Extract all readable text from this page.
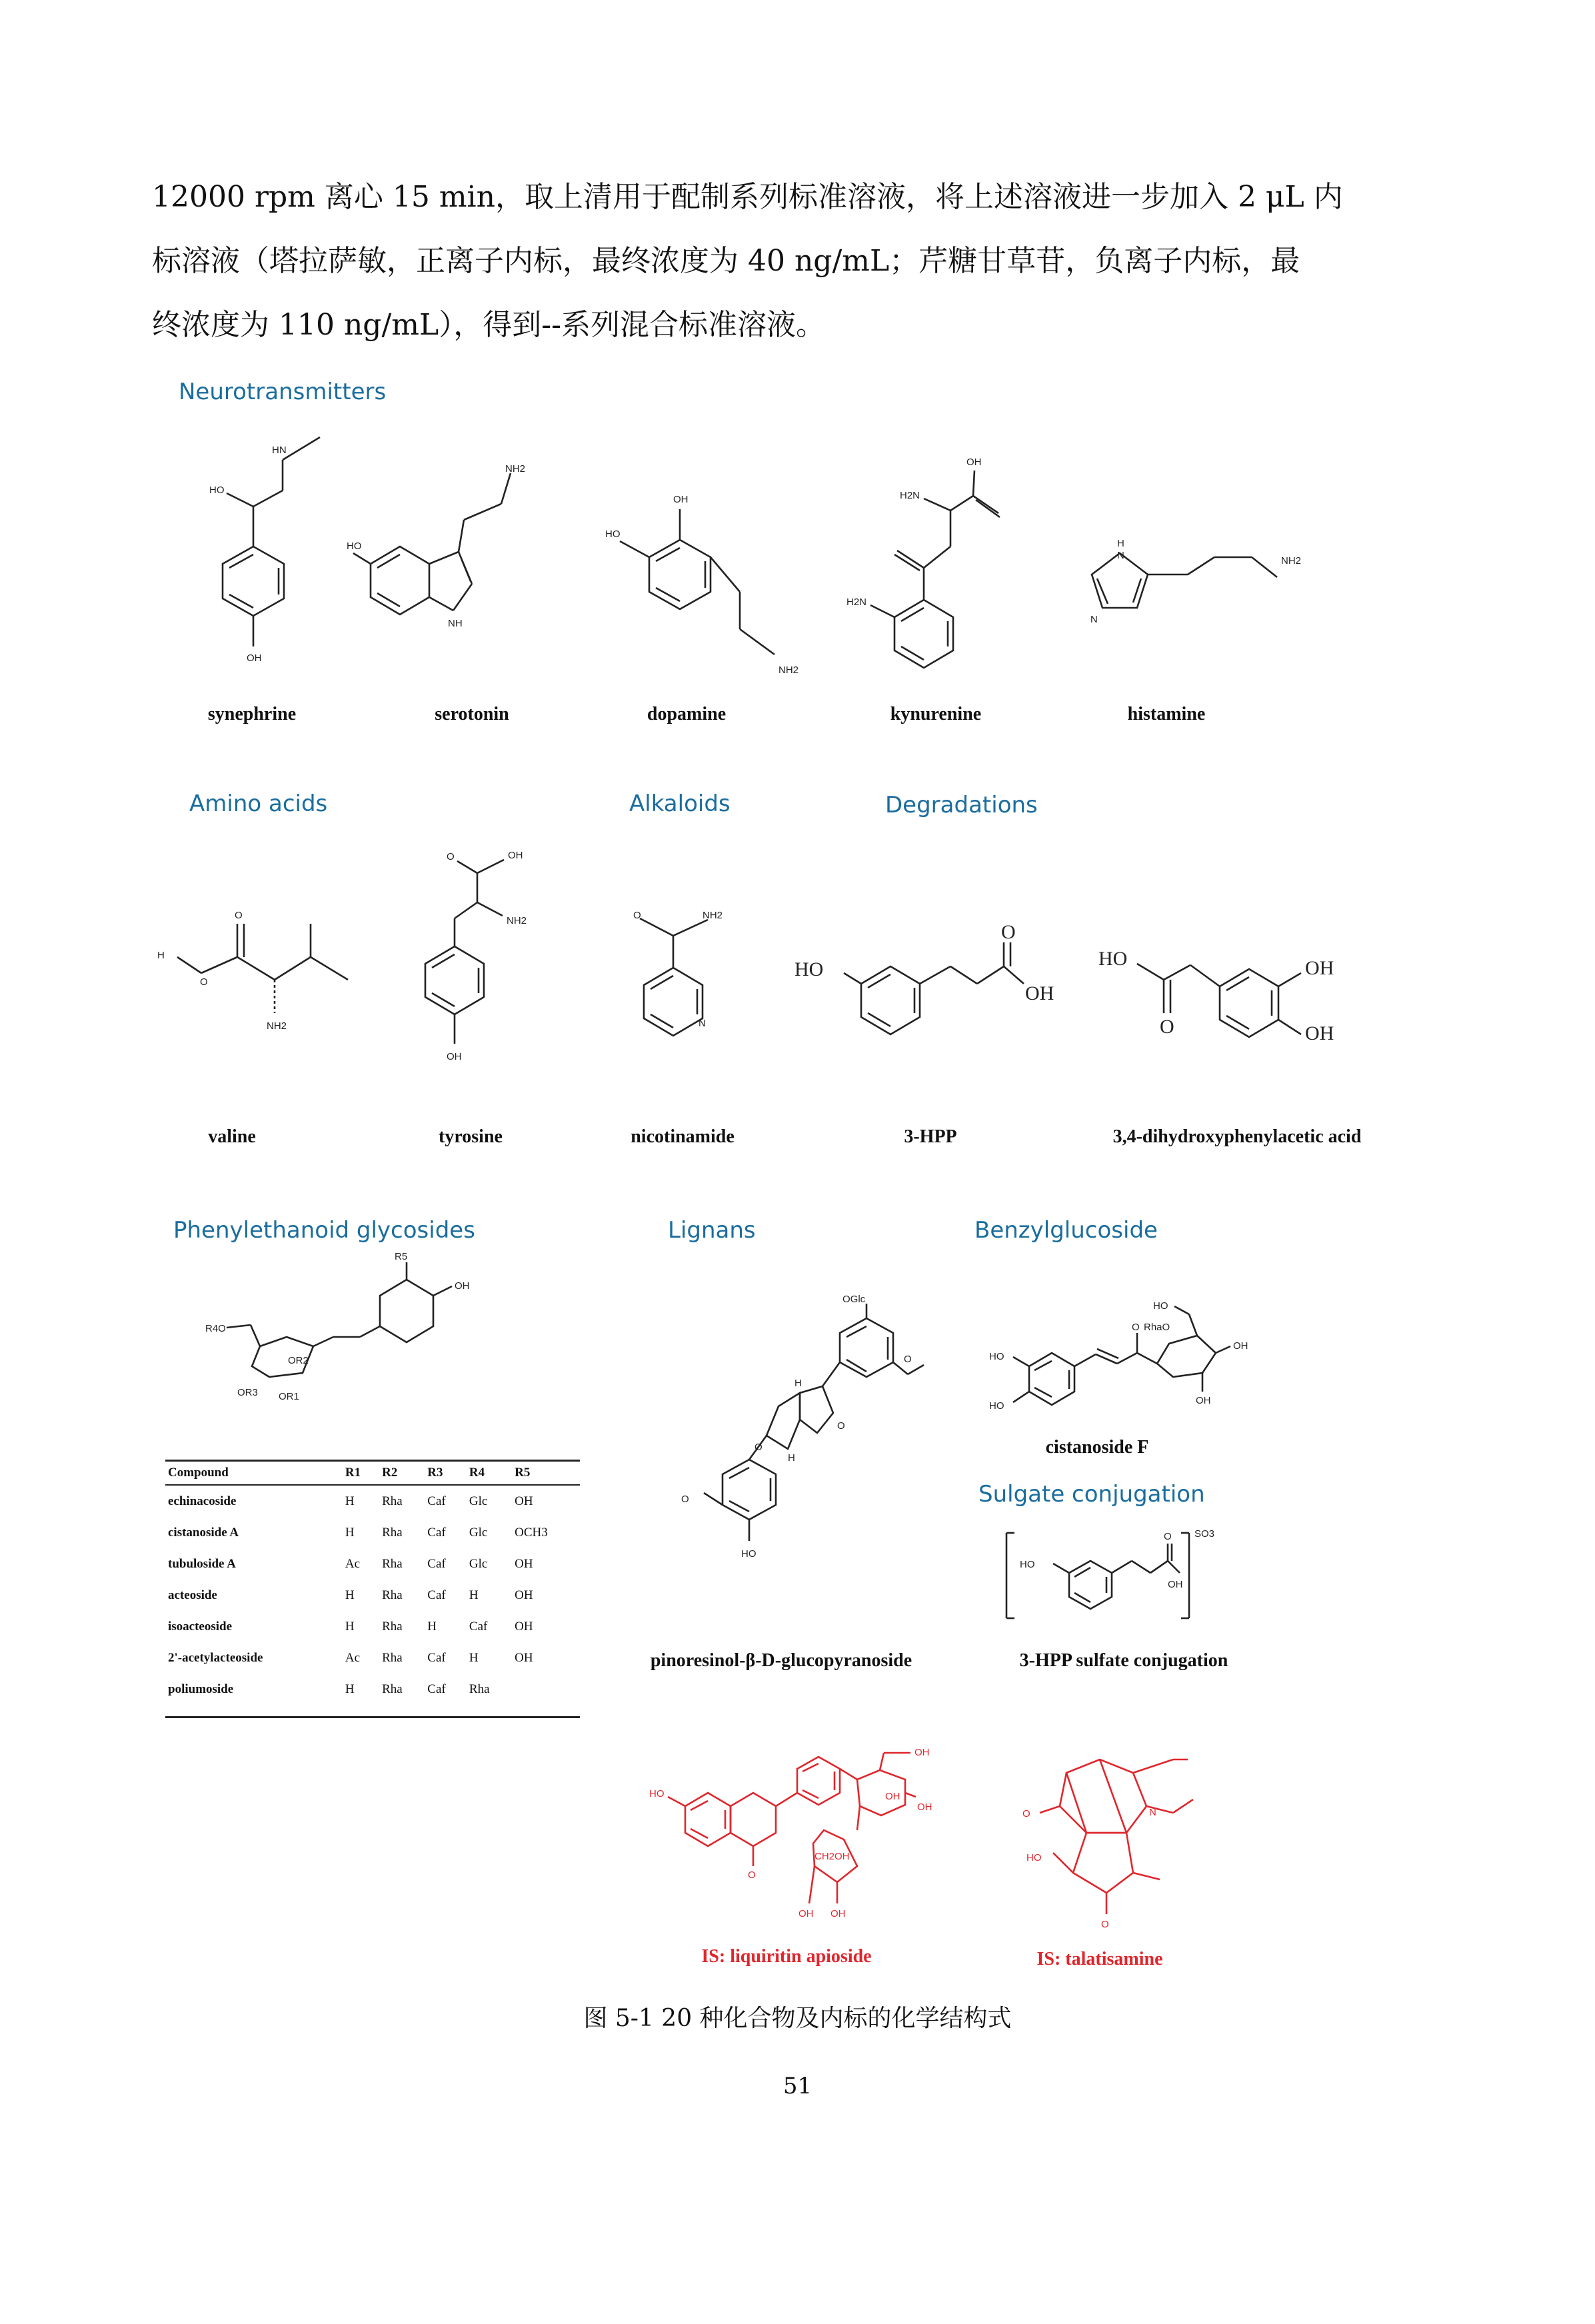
12000 rpm 离心 15 min，取上清用于配制系列标准溶液，将上述溶液进一步加入 2 μL 内
标溶液（塔拉萨敏，正离子内标，最终浓度为 40 ng/mL；芹糖甘草苷，负离子内标，最
终浓度为 110 ng/mL），得到--系列混合标准溶液。
Neurotransmitters
Amino acids	Alkaloids	Degradations
Phenylethanoid glycosides	Lignans	Benzylglucoside
Sulgate conjugation
HO
HN
OH
synephrine
HO
NH2
NH
serotonin
OH
HO
NH2
dopamine
OH
H2N
H2N
kynurenine
H
N
N
NH2
histamine
H
O
O
NH2
valine
O	OH
NH2
OH
tyrosine
O	NH2
N
nicotinamide
HO
O
OH
3-HPP
HO
O
OH
OH
3,4-dihydroxyphenylacetic acid
R4O
OR2
OR3 OR1
R5
OH
Compound	R1	R2	R3	R4	R5
echinacoside	H	Rha	Caf	Glc	OH
cistanoside A	H	Rha	Caf	Glc	OCH3
tubuloside A	Ac	Rha	Caf	Glc	OH
acteoside	H	Rha	Caf	H	OH
isoacteoside	H	Rha	H	Caf	OH
2'-acetylacteoside	Ac	Rha	Caf	H	OH
poliumoside	H	Rha	Caf	Rha	
OGlc
O
H
O
O
H
O
HO
pinoresinol-β-D-glucopyranoside
HO
HO
O
HO
RhaO
OH
OH
cistanoside F
HO
O
OH
SO3
3-HPP sulfate conjugation
HO
O
OH
OH
OH
CH2OH
OH OH
IS: liquiritin apioside
N
O
HO
O
IS: talatisamine
图 5-1 20 种化合物及内标的化学结构式
51
